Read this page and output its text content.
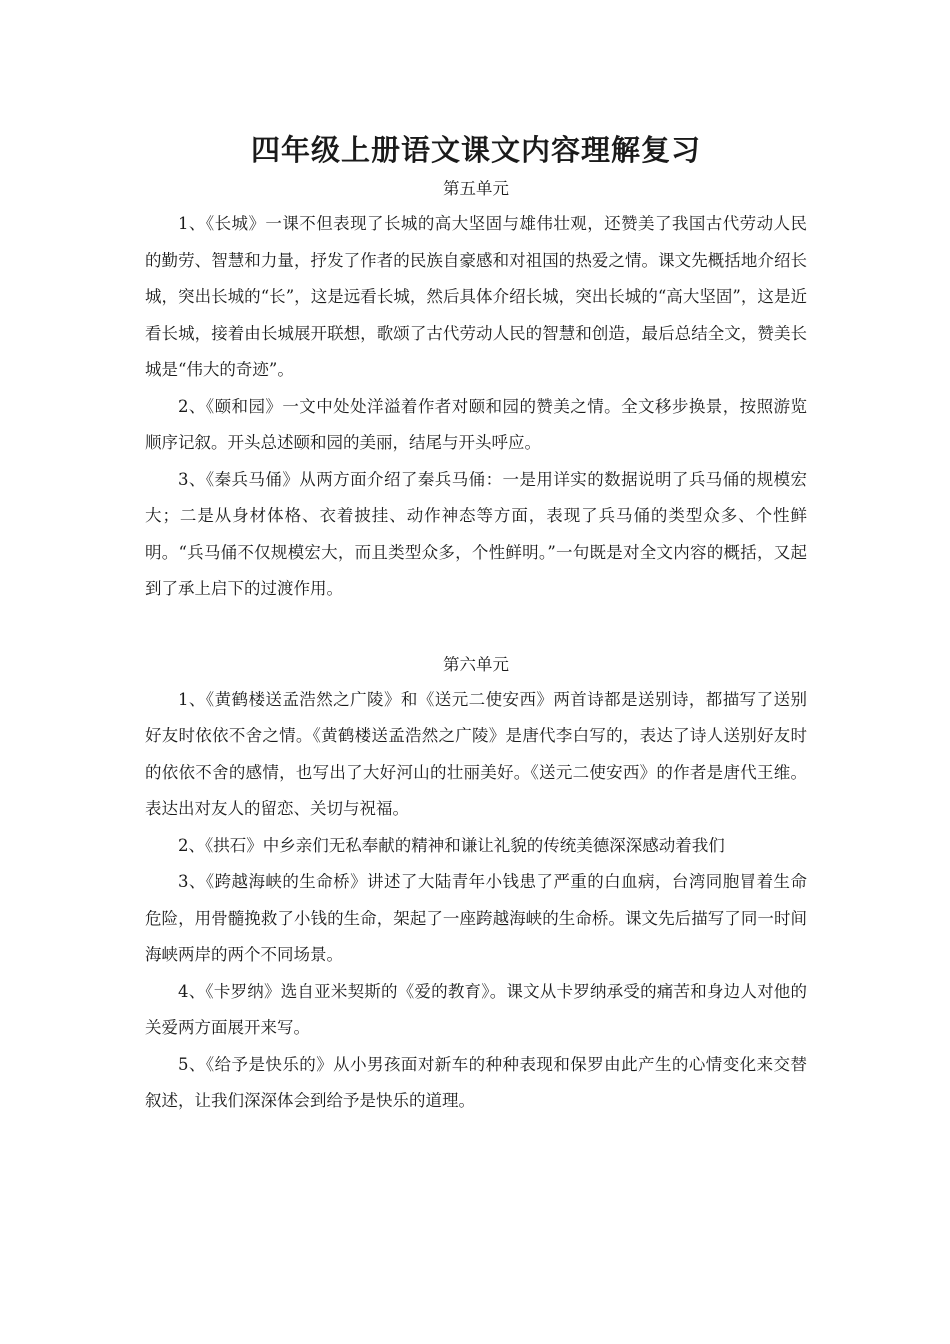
四年级上册语文课文内容理解复习

第五单元

1、《长城》一课不但表现了长城的高大坚固与雄伟壮观，还赞美了我国古代劳动人民的勤劳、智慧和力量，抒发了作者的民族自豪感和对祖国的热爱之情。课文先概括地介绍长城，突出长城的“长”，这是远看长城，然后具体介绍长城，突出长城的“高大坚固”，这是近看长城，接着由长城展开联想，歌颂了古代劳动人民的智慧和创造，最后总结全文，赞美长城是“伟大的奇迹”。

2、《颐和园》一文中处处洋溢着作者对颐和园的赞美之情。全文移步换景，按照游览顺序记叙。开头总述颐和园的美丽，结尾与开头呼应。

3、《秦兵马俑》从两方面介绍了秦兵马俑：一是用详实的数据说明了兵马俑的规模宏大；二是从身材体格、衣着披挂、动作神态等方面，表现了兵马俑的类型众多、个性鲜明。“兵马俑不仅规模宏大，而且类型众多，个性鲜明。”一句既是对全文内容的概括，又起到了承上启下的过渡作用。

第六单元

1、《黄鹤楼送孟浩然之广陵》和《送元二使安西》两首诗都是送别诗，都描写了送别好友时依依不舍之情。《黄鹤楼送孟浩然之广陵》是唐代李白写的，表达了诗人送别好友时的依依不舍的感情，也写出了大好河山的壮丽美好。《送元二使安西》的作者是唐代王维。表达出对友人的留恋、关切与祝福。

2、《拱石》中乡亲们无私奉献的精神和谦让礼貌的传统美德深深感动着我们

3、《跨越海峡的生命桥》讲述了大陆青年小钱患了严重的白血病，台湾同胞冒着生命危险，用骨髓挽救了小钱的生命，架起了一座跨越海峡的生命桥。课文先后描写了同一时间海峡两岸的两个不同场景。

4、《卡罗纳》选自亚米契斯的《爱的教育》。课文从卡罗纳承受的痛苦和身边人对他的关爱两方面展开来写。

5、《给予是快乐的》从小男孩面对新车的种种表现和保罗由此产生的心情变化来交替叙述，让我们深深体会到给予是快乐的道理。
